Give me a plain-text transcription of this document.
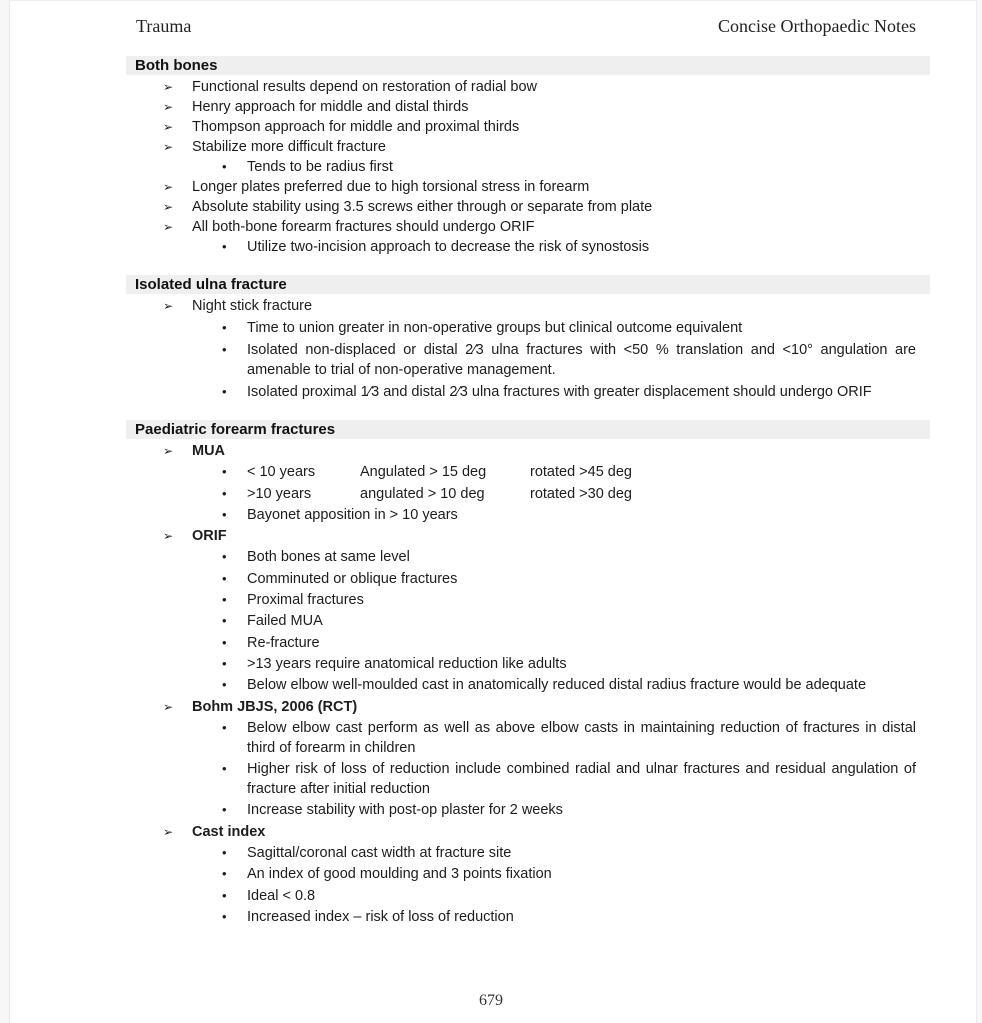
Trauma	Concise Orthopaedic Notes
Both bones
➢	Functional results depend on restoration of radial bow
➢	Henry approach for middle and distal thirds
➢	Thompson approach for middle and proximal thirds
➢	Stabilize more difficult fracture
•	Tends to be radius first
➢	Longer plates preferred due to high torsional stress in forearm
➢	Absolute stability using 3.5 screws either through or separate from plate
➢	All both-bone forearm fractures should undergo ORIF
•	Utilize two-incision approach to decrease the risk of synostosis
Isolated ulna fracture
➢	Night stick fracture
•	Time to union greater in non-operative groups but clinical outcome equivalent
•	Isolated non-displaced or distal 2⁄3 ulna fractures with <50 % translation and <10° angulation are amenable to trial of non-operative management.
•	Isolated proximal 1⁄3 and distal 2⁄3 ulna fractures with greater displacement should undergo ORIF
Paediatric forearm fractures
➢	MUA
•	< 10 years	Angulated > 15 deg	rotated >45 deg
•	>10 years	angulated > 10 deg	rotated >30 deg
•	Bayonet apposition in > 10 years
➢	ORIF
•	Both bones at same level
•	Comminuted or oblique fractures
•	Proximal fractures
•	Failed MUA
•	Re-fracture
•	>13 years require anatomical reduction like adults
•	Below elbow well-moulded cast in anatomically reduced distal radius fracture would be adequate
➢	Bohm JBJS, 2006 (RCT)
•	Below elbow cast perform as well as above elbow casts in maintaining reduction of fractures in distal third of forearm in children
•	Higher risk of loss of reduction include combined radial and ulnar fractures and residual angulation of fracture after initial reduction
•	Increase stability with post-op plaster for 2 weeks
➢	Cast index
•	Sagittal/coronal cast width at fracture site
•	An index of good moulding and 3 points fixation
•	Ideal < 0.8
•	Increased index – risk of loss of reduction
679
